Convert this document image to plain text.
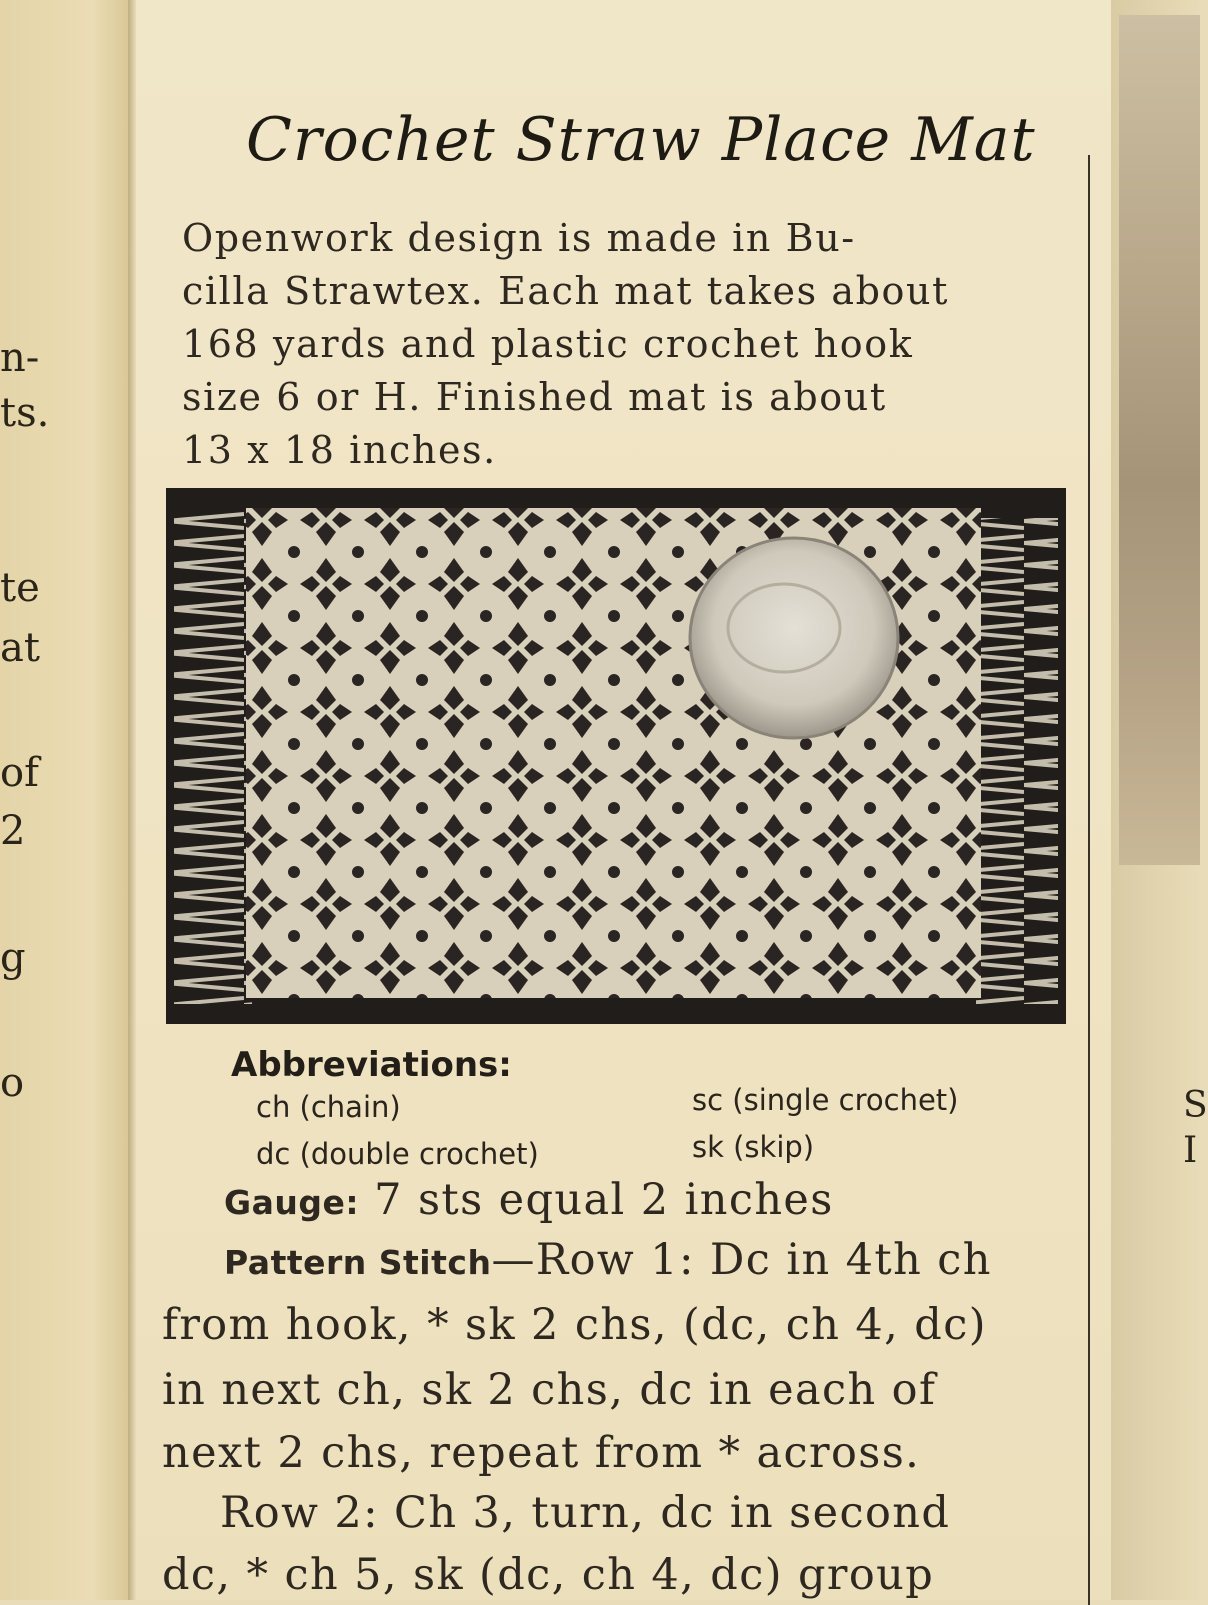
n-
ts.
te
at
of
2
g
o
Crochet Straw Place Mat
Openwork design is made in Bu-
cilla Strawtex. Each mat takes about
168 yards and plastic crochet hook
size 6 or H. Finished mat is about
13 x 18 inches.
Abbreviations:
ch (chain)	sc (single crochet)
dc (double crochet)	sk (skip)
Gauge: 7 sts equal 2 inches
Pattern Stitch—Row 1: Dc in 4th ch
from hook, * sk 2 chs, (dc, ch 4, dc)
in next ch, sk 2 chs, dc in each of
next 2 chs, repeat from * across.
Row 2: Ch 3, turn, dc in second
dc, * ch 5, sk (dc, ch 4, dc) group
S
I
